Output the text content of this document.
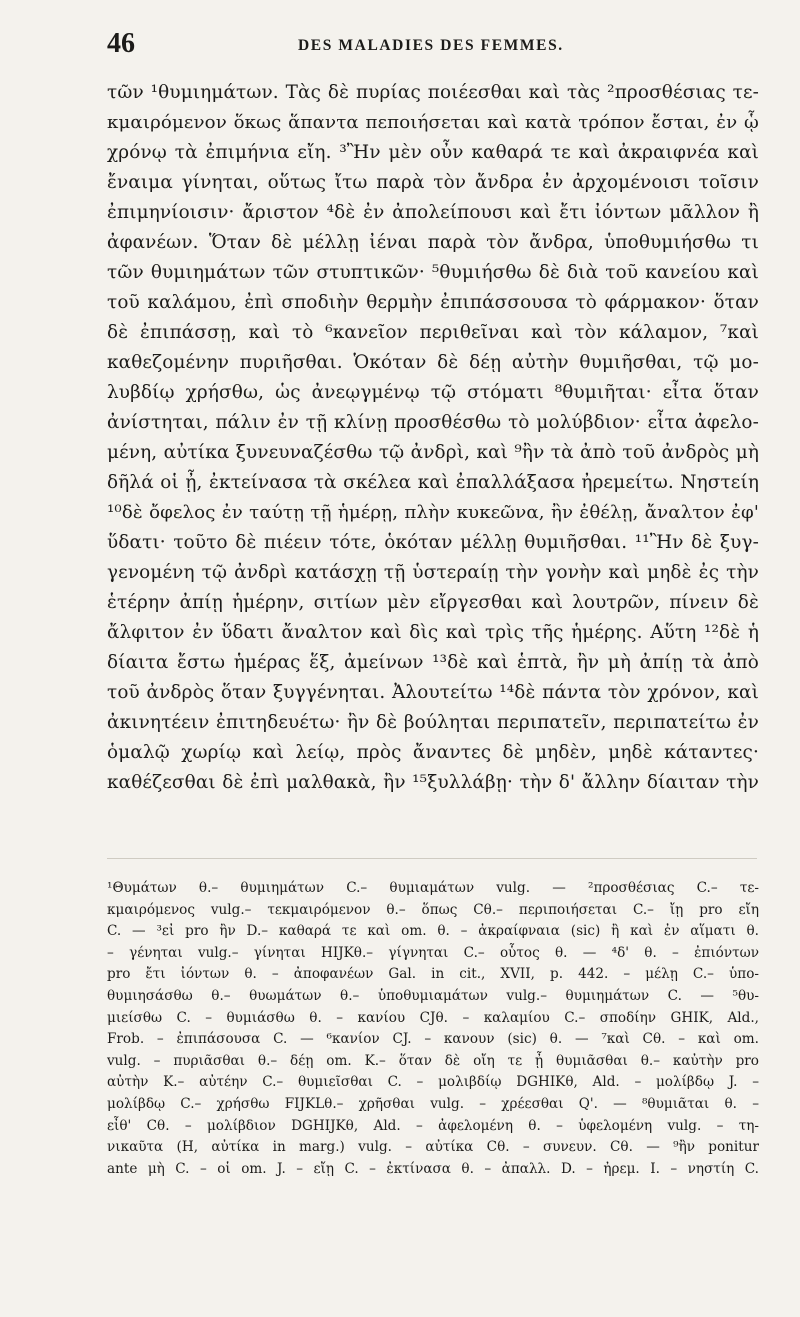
46	DES MALADIES DES FEMMES.
τῶν ¹θυμιημάτων. Τὰς δὲ πυρίας ποιέεσθαι καὶ τὰς ²προσθέσιας τε-
κμαιρόμενον ὅκως ἅπαντα πεποιήσεται καὶ κατὰ τρόπον ἔσται, ἐν ᾧ
χρόνῳ τὰ ἐπιμήνια εἴη. ³Ἢν μὲν οὖν καθαρά τε καὶ ἀκραιφνέα καὶ
ἔναιμα γίνηται, οὕτως ἴτω παρὰ τὸν ἄνδρα ἐν ἀρχομένοισι τοῖσιν
ἐπιμηνίοισιν· ἄριστον ⁴δὲ ἐν ἀπολείπουσι καὶ ἔτι ἰόντων μᾶλλον ἢ
ἀφανέων. Ὅταν δὲ μέλλῃ ἰέναι παρὰ τὸν ἄνδρα, ὑποθυμιήσθω τι
τῶν θυμιημάτων τῶν στυπτικῶν· ⁵θυμιήσθω δὲ διὰ τοῦ κανείου καὶ
τοῦ καλάμου, ἐπὶ σποδιὴν θερμὴν ἐπιπάσσουσα τὸ φάρμακον· ὅταν
δὲ ἐπιπάσσῃ, καὶ τὸ ⁶κανεῖον περιθεῖναι καὶ τὸν κάλαμον, ⁷καὶ
καθεζομένην πυριῆσθαι. Ὁκόταν δὲ δέῃ αὐτὴν θυμιῆσθαι, τῷ μο-
λυβδίῳ χρήσθω, ὡς ἀνεῳγμένῳ τῷ στόματι ⁸θυμιῆται· εἶτα ὅταν
ἀνίστηται, πάλιν ἐν τῇ κλίνῃ προσθέσθω τὸ μολύβδιον· εἶτα ἀφελο-
μένη, αὐτίκα ξυνευναζέσθω τῷ ἀνδρὶ, καὶ ⁹ἢν τὰ ἀπὸ τοῦ ἀνδρὸς μὴ
δῆλά οἱ ᾖ, ἐκτείνασα τὰ σκέλεα καὶ ἐπαλλάξασα ἠρεμείτω. Νηστείη
¹⁰δὲ ὄφελος ἐν ταύτῃ τῇ ἡμέρῃ, πλὴν κυκεῶνα, ἢν ἐθέλῃ, ἄναλτον ἐφ'
ὕδατι· τοῦτο δὲ πιέειν τότε, ὁκόταν μέλλῃ θυμιῆσθαι. ¹¹Ἢν δὲ ξυγ-
γενομένη τῷ ἀνδρὶ κατάσχῃ τῇ ὑστεραίῃ τὴν γονὴν καὶ μηδὲ ἐς τὴν
ἑτέρην ἀπίῃ ἡμέρην, σιτίων μὲν εἴργεσθαι καὶ λουτρῶν, πίνειν δὲ
ἄλφιτον ἐν ὕδατι ἄναλτον καὶ δὶς καὶ τρὶς τῆς ἡμέρης. Αὕτη ¹²δὲ ἡ
δίαιτα ἔστω ἡμέρας ἕξ, ἀμείνων ¹³δὲ καὶ ἑπτὰ, ἢν μὴ ἀπίῃ τὰ ἀπὸ
τοῦ ἀνδρὸς ὅταν ξυγγένηται. Ἀλουτείτω ¹⁴δὲ πάντα τὸν χρόνον, καὶ
ἀκινητέειν ἐπιτηδευέτω· ἢν δὲ βούληται περιπατεῖν, περιπατείτω ἐν
ὁμαλῷ χωρίῳ καὶ λείῳ, πρὸς ἄναντες δὲ μηδὲν, μηδὲ κάταντες·
καθέζεσθαι δὲ ἐπὶ μαλθακὰ, ἢν ¹⁵ξυλλάβῃ· τὴν δ' ἄλλην δίαιταν τὴν
¹Θυμάτων θ.– θυμιημάτων C.– θυμιαμάτων vulg. — ²προσθέσιας C.– τε-
κμαιρόμενος vulg.– τεκμαιρόμενον θ.– ὅπως Cθ.– περιποιήσεται C.– ἴῃ pro εἴη
C. — ³εἰ pro ἢν D.– καθαρά τε καὶ om. θ. – ἀκραίφναια (sic) ἢ καὶ ἐν αἵματι θ.
– γένηται vulg.– γίνηται HIJKθ.– γίγνηται C.– οὗτος θ. — ⁴δ' θ. – ἐπιόντων
pro ἔτι ἰόντων θ. – ἀποφανέων Gal. in cit., XVII, p. 442. – μέλῃ C.– ὑπο-
θυμιησάσθω θ.– θυωμάτων θ.– ὑποθυμιαμάτων vulg.– θυμιημάτων C. — ⁵θυ-
μιείσθω C. – θυμιάσθω θ. – κανίου CJθ. – καλαμίου C.– σποδίην GHIK, Ald.,
Frob. – ἐπιπάσουσα C. — ⁶κανίον CJ. – κανουν (sic) θ. — ⁷καὶ Cθ. – καὶ om.
vulg. – πυριᾶσθαι θ.– δέῃ om. K.– ὅταν δὲ οἴη τε ᾖ θυμιᾶσθαι θ.– καὐτὴν pro
αὐτὴν K.– αὐτέην C.– θυμιεῖσθαι C. – μολιβδίῳ DGHIKθ, Ald. – μολίβδῳ J. –
μολίβδῳ C.– χρήσθω FIJKLθ.– χρῆσθαι vulg. – χρέεσθαι Q'. — ⁸θυμιᾶται θ. –
εἶθ' Cθ. – μολίβδιον DGHIJKθ, Ald. – ἀφελομένη θ. – ὑφελομένη vulg. – τη-
νικαῦτα (H, αὐτίκα in marg.) vulg. – αὐτίκα Cθ. – συνευν. Cθ. — ⁹ἢν ponitur
ante μὴ C. – οἱ om. J. – εἴῃ C. – ἐκτίνασα θ. – ἀπαλλ. D. – ἠρεμ. I. – νηστίη C.
